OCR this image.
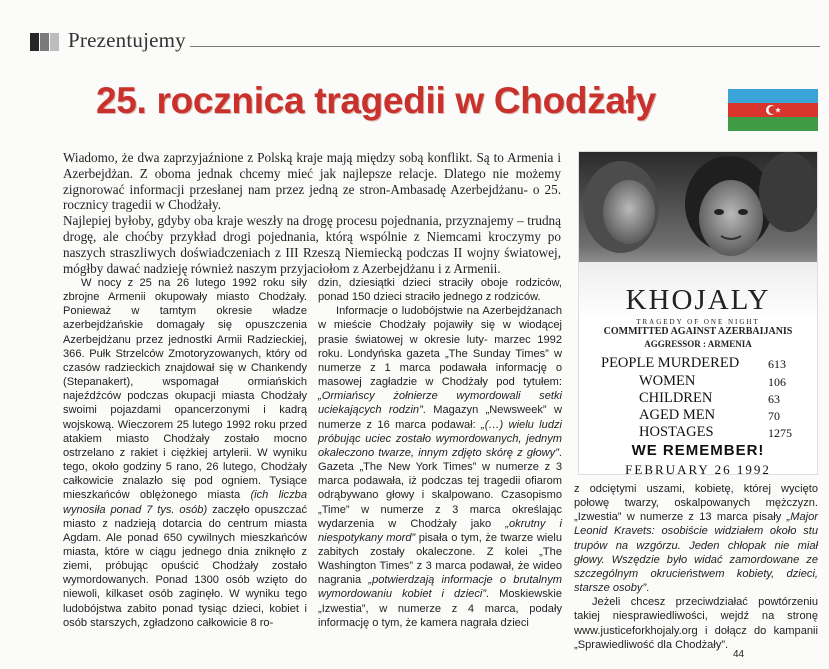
Prezentujemy
25. rocznica tragedii w Chodżały

Wiadomo, że dwa zaprzyjaźnione z Polską kraje mają między sobą konflikt. Są to Armenia i Azerbejdżan. Z oboma jednak chcemy mieć jak najlepsze relacje. Dlatego nie możemy zignorować informacji przesłanej nam przez jedną ze stron-Ambasadę Azerbejdżanu- o 25. rocznicy tragedii w Chodżały.

Najlepiej byłoby, gdyby oba kraje weszły na drogę procesu pojednania, przyznajemy – trudną drogę, ale choćby przykład drogi pojednania, którą wspólnie z Niemcami kroczymy po naszych straszliwych doświadczeniach z III Rzeszą Niemiecką podczas II wojny światowej, mógłby dawać nadzieję również naszym przyjaciołom z Azerbejdżanu i z Armenii.

W nocy z 25 na 26 lutego 1992 roku siły zbrojne Armenii okupowały miasto Chodżały. Ponieważ w tamtym okresie władze azerbejdżańskie domagały się opuszczenia Azerbejdżanu przez jednostki Armii Radzieckiej, 366. Pułk Strzelców Zmotoryzowanych, który od czasów radzieckich znajdował się w Chankendy (Stepanakert), wspomagał ormiańskich najeźdźców podczas okupacji miasta Chodżały swoimi pojazdami opancerzonymi i kadrą wojskową. Wieczorem 25 lutego 1992 roku przed atakiem miasto Chodżały zostało mocno ostrzelano z rakiet i ciężkiej artylerii. W wyniku tego, około godziny 5 rano, 26 lutego, Chodżały całkowicie znalazło się pod ogniem. Tysiące mieszkańców oblężonego miasta (ich liczba wynosiła ponad 7 tys. osób) zaczęło opuszczać miasto z nadzieją dotarcia do centrum miasta Agdam. Ale ponad 650 cywilnych mieszkańców miasta, które w ciągu jednego dnia zniknęło z ziemi, próbując opuścić Chodżały zostało wymordowanych. Ponad 1300 osób wzięto do niewoli, kilkaset osób zaginęło. W wyniku tego ludobójstwa zabito ponad tysiąc dzieci, kobiet i osób starszych, zgładzono całkowicie 8 ro-

dzin, dziesiątki dzieci straciły oboje rodziców, ponad 150 dzieci straciło jednego z rodziców.

Informacje o ludobójstwie na Azerbejdżanach w mieście Chodżały pojawiły się w wiodącej prasie światowej w okresie luty- marzec 1992 roku. Londyńska gazeta „The Sunday Times” w numerze z 1 marca podawała informację o masowej zagładzie w Chodżały pod tytułem: „Ormiańscy żołnierze wymordowali setki uciekających rodzin”. Magazyn „Newsweek” w numerze z 16 marca podawał: „(…) wielu ludzi próbując uciec zostało wymordowanych, jednym okaleczono twarze, innym zdjęto skórę z głowy”. Gazeta „The New York Times” w numerze z 3 marca podawała, iż podczas tej tragedii ofiarom odrąbywano głowy i skalpowano. Czasopismo „Time” w numerze z 3 marca określając wydarzenia w Chodżały jako „okrutny i niespotykany mord” pisała o tym, że twarze wielu zabitych zostały okaleczone. Z kolei „The Washington Times” z 3 marca podawał, że wideo nagrania „potwierdzają informacje o brutalnym wymordowaniu kobiet i dzieci”. Moskiewskie „Izwestia”, w numerze z 4 marca, podały informację o tym, że kamera nagrała dzieci

KHOJALY
TRAGEDY OF ONE NIGHT
COMMITTED AGAINST AZERBAIJANIS
AGGRESSOR : ARMENIA
PEOPLE MURDERED 613
WOMEN	106
CHILDREN	63
AGED MEN	70
HOSTAGES	1275
WE REMEMBER!
FEBRUARY 26 1992

z odciętymi uszami, kobietę, której wycięto połowę twarzy, oskalpowanych mężczyzn. „Izwestia” w numerze z 13 marca pisały „Major Leonid Kravets: osobiście widziałem około stu trupów na wzgórzu. Jeden chłopak nie miał głowy. Wszędzie było widać zamordowane ze szczególnym okrucieństwem kobiety, dzieci, starsze osoby”.

Jeżeli chcesz przeciwdziałać powtórzeniu takiej niesprawiedliwości, wejdź na stronę www.justiceforkhojaly.org i dołącz do kampanii „Sprawiedliwość dla Chodżały”.

44
